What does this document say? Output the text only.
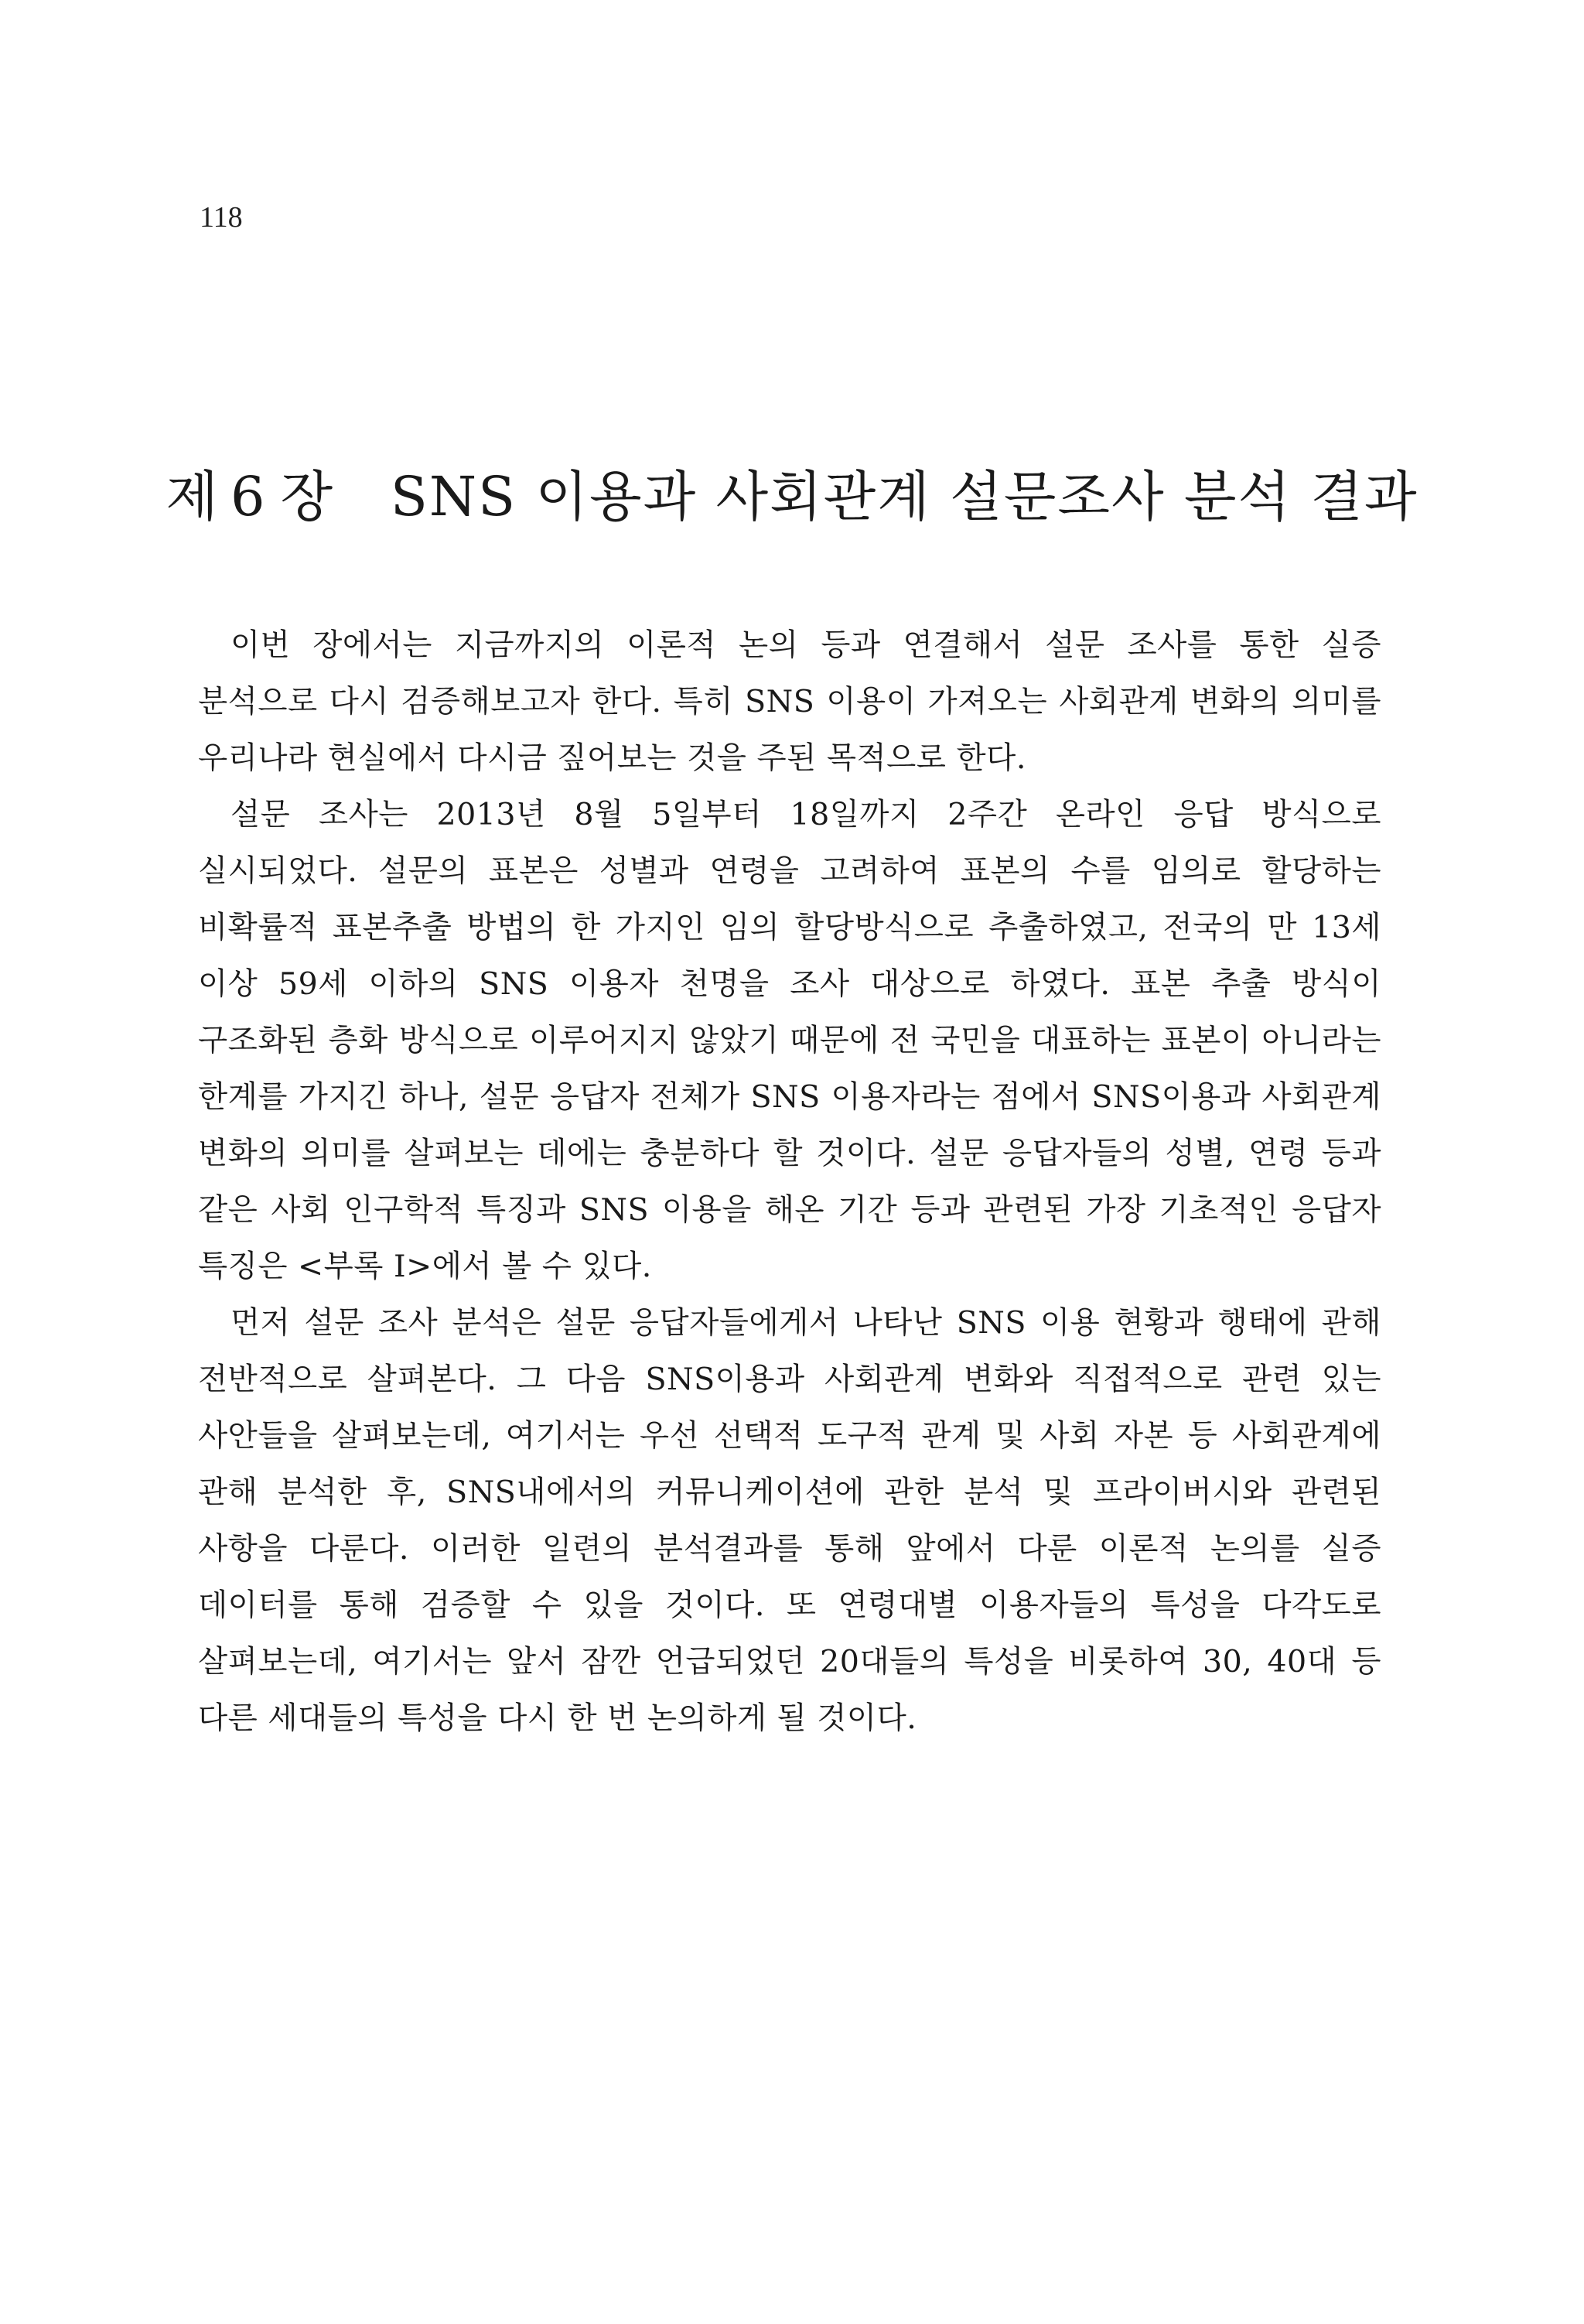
118
제 6 장 SNS 이용과 사회관계 설문조사 분석 결과

이번 장에서는 지금까지의 이론적 논의 등과 연결해서 설문 조사를 통한 실증 분석으로 다시 검증해보고자 한다. 특히 SNS 이용이 가져오는 사회관계 변화의 의미를 우리나라 현실에서 다시금 짚어보는 것을 주된 목적으로 한다.

설문 조사는 2013년 8월 5일부터 18일까지 2주간 온라인 응답 방식으로 실시되었다. 설문의 표본은 성별과 연령을 고려하여 표본의 수를 임의로 할당하는 비확률적 표본추출 방법의 한 가지인 임의 할당방식으로 추출하였고, 전국의 만 13세 이상 59세 이하의 SNS 이용자 천명을 조사 대상으로 하였다. 표본 추출 방식이 구조화된 층화 방식으로 이루어지지 않았기 때문에 전 국민을 대표하는 표본이 아니라는 한계를 가지긴 하나, 설문 응답자 전체가 SNS 이용자라는 점에서 SNS이용과 사회관계 변화의 의미를 살펴보는 데에는 충분하다 할 것이다. 설문 응답자들의 성별, 연령 등과 같은 사회 인구학적 특징과 SNS 이용을 해온 기간 등과 관련된 가장 기초적인 응답자 특징은 <부록 I>에서 볼 수 있다.

먼저 설문 조사 분석은 설문 응답자들에게서 나타난 SNS 이용 현황과 행태에 관해 전반적으로 살펴본다. 그 다음 SNS이용과 사회관계 변화와 직접적으로 관련 있는 사안들을 살펴보는데, 여기서는 우선 선택적 도구적 관계 및 사회 자본 등 사회관계에 관해 분석한 후, SNS내에서의 커뮤니케이션에 관한 분석 및 프라이버시와 관련된 사항을 다룬다. 이러한 일련의 분석결과를 통해 앞에서 다룬 이론적 논의를 실증 데이터를 통해 검증할 수 있을 것이다. 또 연령대별 이용자들의 특성을 다각도로 살펴보는데, 여기서는 앞서 잠깐 언급되었던 20대들의 특성을 비롯하여 30, 40대 등 다른 세대들의 특성을 다시 한 번 논의하게 될 것이다.
